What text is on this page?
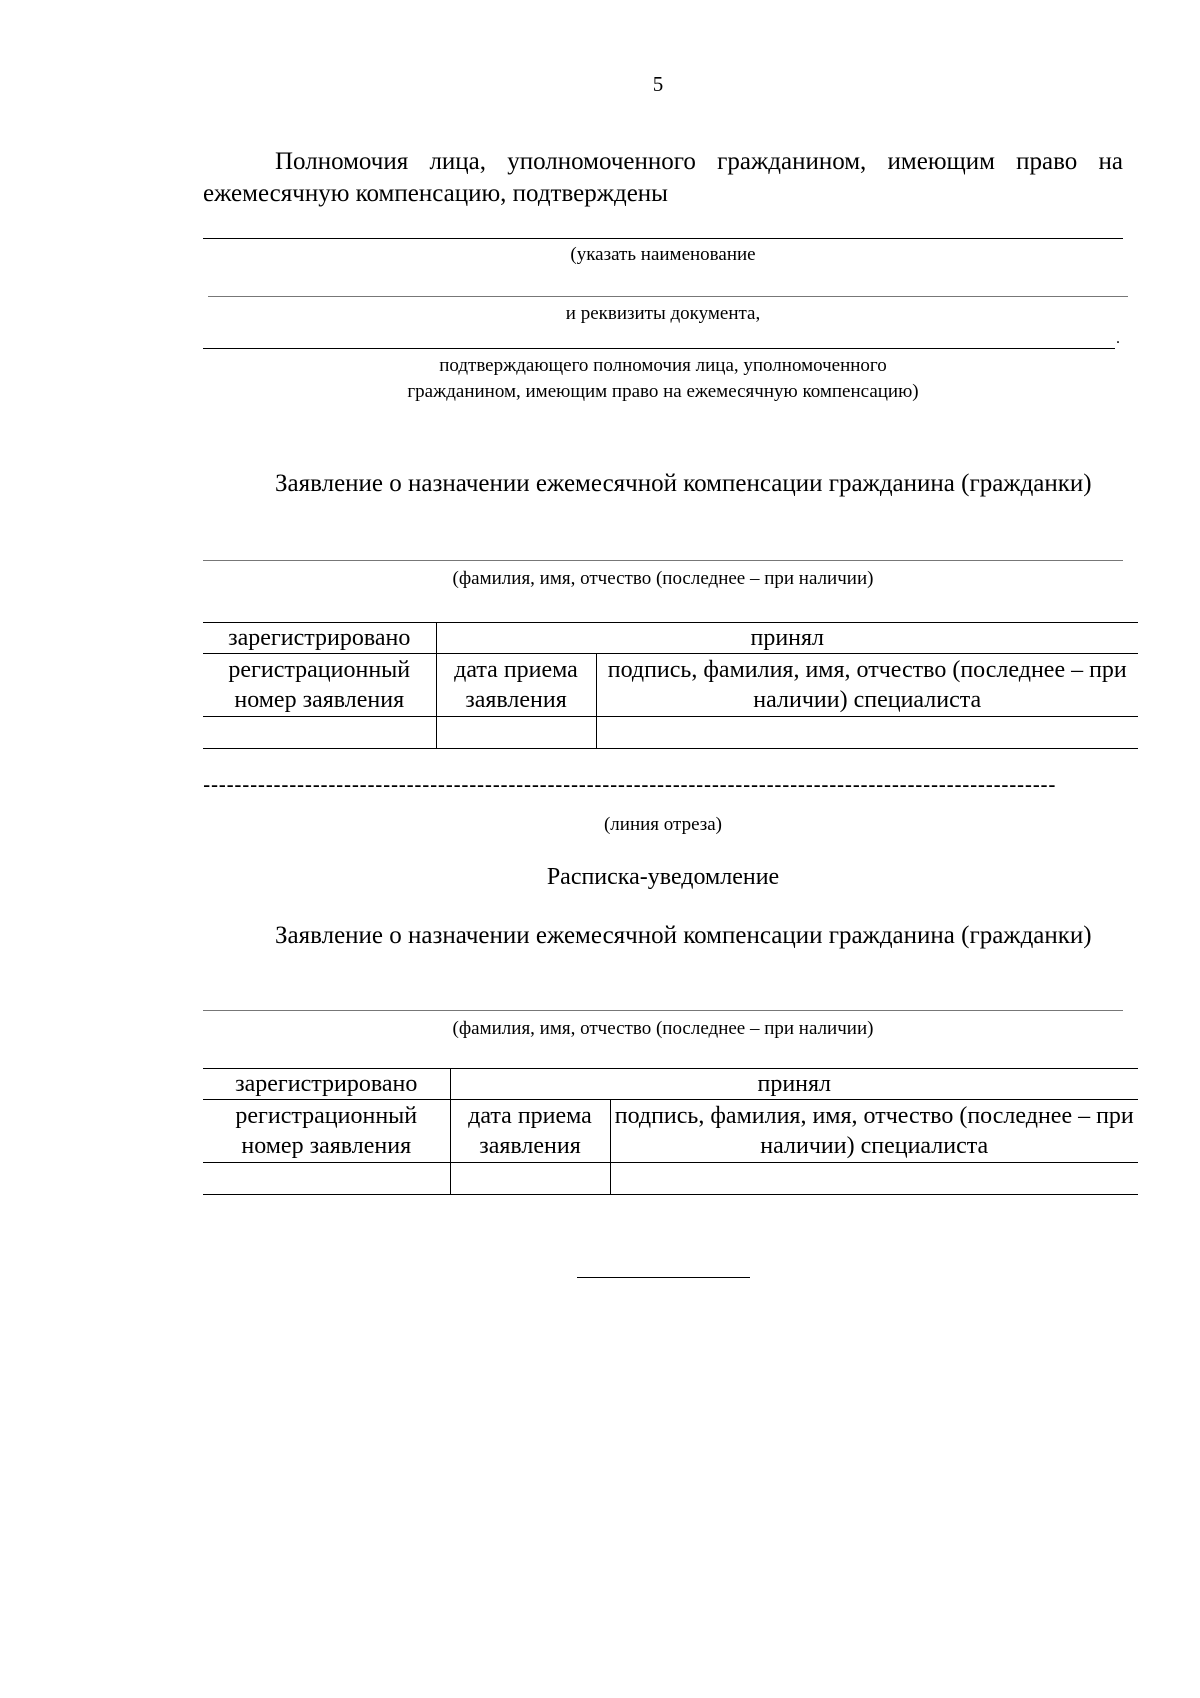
5

Полномочия лица, уполномоченного гражданином, имеющим право на ежемесячную компенсацию, подтверждены

(указать наименование
и реквизиты документа,
.
подтверждающего полномочия лица, уполномоченного
гражданином, имеющим право на ежемесячную компенсацию)

Заявление о назначении ежемесячной компенсации гражданина (гражданки)

(фамилия, имя, отчество (последнее – при наличии)
зарегистрировано	принял	
регистрационный номер заявления	дата приема заявления	подпись, фамилия, имя, отчество (последнее – при наличии) специалиста

-------------------------------------------------------------------------------------------------------------
(линия отреза)
Расписка-уведомление

Заявление о назначении ежемесячной компенсации гражданина (гражданки)

(фамилия, имя, отчество (последнее – при наличии)
зарегистрировано	принял	
регистрационный номер заявления	дата приема заявления	подпись, фамилия, имя, отчество (последнее – при наличии) специалиста
